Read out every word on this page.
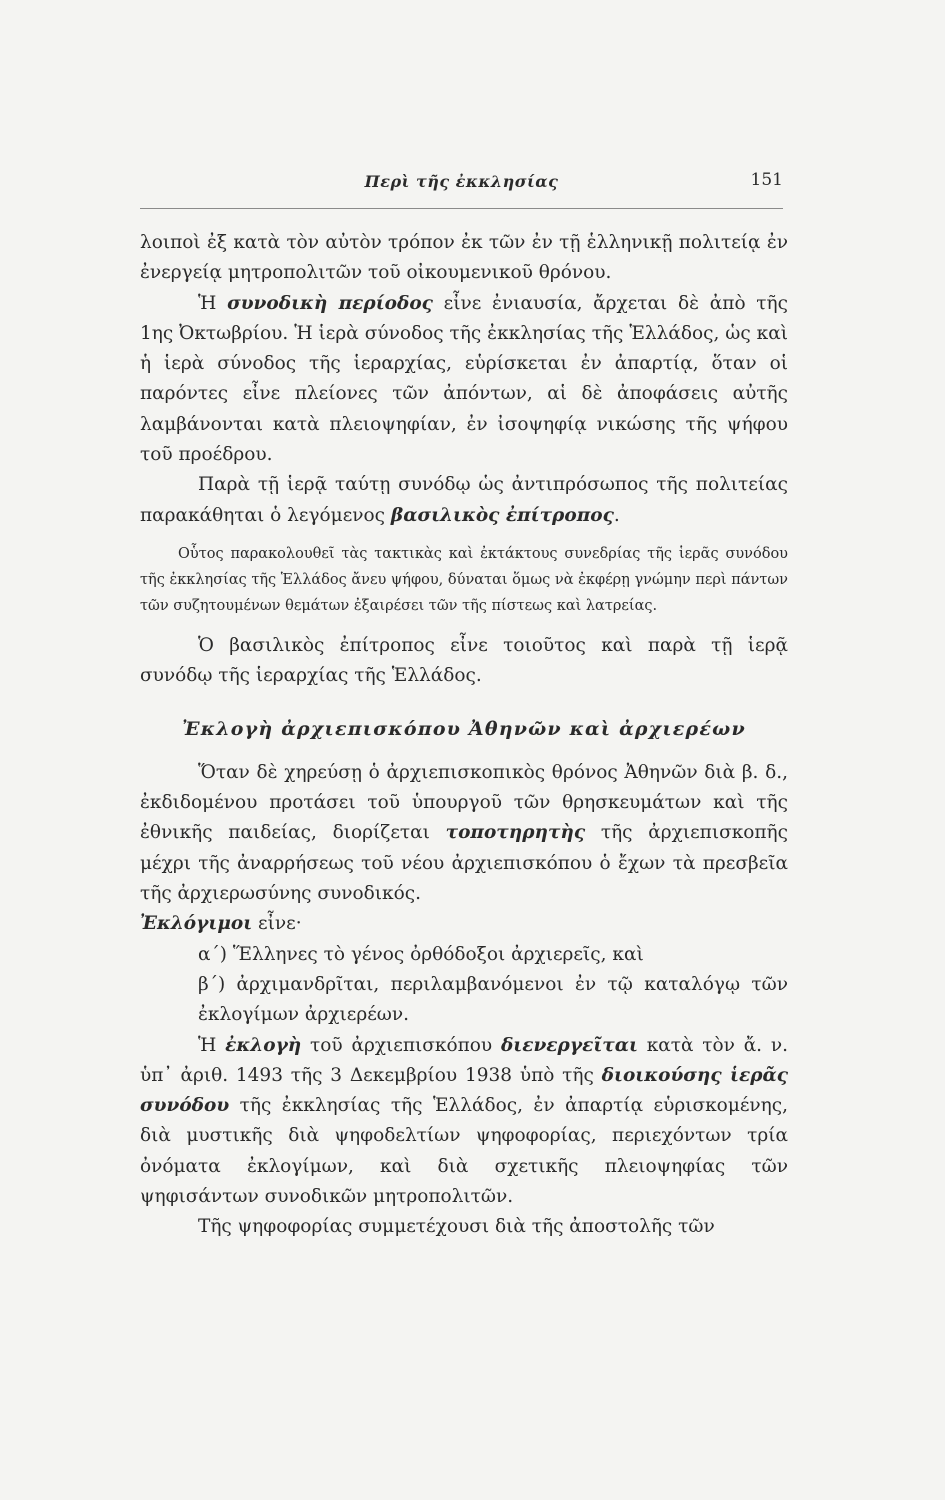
Περὶ τῆς ἐκκλησίας	151

λοιποὶ ἐξ κατὰ τὸν αὐτὸν τρόπον ἐκ τῶν ἐν τῇ ἑλληνικῇ πολιτείᾳ ἐν ἐνεργείᾳ μητροπολιτῶν τοῦ οἰκουμενικοῦ θρόνου.

Ἡ συνοδικὴ περίοδος εἶνε ἐνιαυσία, ἄρχεται δὲ ἀπὸ τῆς 1ης Ὀκτωβρίου. Ἡ ἱερὰ σύνοδος τῆς ἐκκλησίας τῆς Ἑλλάδος, ὡς καὶ ἡ ἱερὰ σύνοδος τῆς ἱεραρχίας, εὑρίσκεται ἐν ἀπαρτίᾳ, ὅταν οἱ παρόντες εἶνε πλείονες τῶν ἀπόντων, αἱ δὲ ἀποφάσεις αὐτῆς λαμβάνονται κατὰ πλειοψηφίαν, ἐν ἰσοψηφίᾳ νικώσης τῆς ψήφου τοῦ προέδρου.

Παρὰ τῇ ἱερᾷ ταύτῃ συνόδῳ ὡς ἀντιπρόσωπος τῆς πολιτείας παρακάθηται ὁ λεγόμενος βασιλικὸς ἐπίτροπος.

Οὗτος παρακολουθεῖ τὰς τακτικὰς καὶ ἐκτάκτους συνεδρίας τῆς ἱερᾶς συνόδου τῆς ἐκκλησίας τῆς Ἑλλάδος ἄνευ ψήφου, δύναται ὅμως νὰ ἐκφέρῃ γνώμην περὶ πάντων τῶν συζητουμένων θεμάτων ἐξαιρέσει τῶν τῆς πίστεως καὶ λατρείας.

Ὁ βασιλικὸς ἐπίτροπος εἶνε τοιοῦτος καὶ παρὰ τῇ ἱερᾷ συνόδῳ τῆς ἱεραρχίας τῆς Ἑλλάδος.

Ἐκλογὴ ἀρχιεπισκόπου Ἀθηνῶν καὶ ἀρχιερέων

Ὅταν δὲ χηρεύσῃ ὁ ἀρχιεπισκοπικὸς θρόνος Ἀθηνῶν διὰ β. δ., ἐκδιδομένου προτάσει τοῦ ὑπουργοῦ τῶν θρησκευμάτων καὶ τῆς ἐθνικῆς παιδείας, διορίζεται τοποτηρητὴς τῆς ἀρχιεπισκοπῆς μέχρι τῆς ἀναρρήσεως τοῦ νέου ἀρχιεπισκόπου ὁ ἔχων τὰ πρεσβεῖα τῆς ἀρχιερωσύνης συνοδικός.

Ἐκλόγιμοι εἶνε·

α΄) Ἕλληνες τὸ γένος ὀρθόδοξοι ἀρχιερεῖς, καὶ

β΄) ἀρχιμανδρῖται, περιλαμβανόμενοι ἐν τῷ καταλόγῳ τῶν ἐκλογίμων ἀρχιερέων.

Ἡ ἐκλογὴ τοῦ ἀρχιεπισκόπου διενεργεῖται κατὰ τὸν ἄ. ν. ὑπ᾽ ἀριθ. 1493 τῆς 3 Δεκεμβρίου 1938 ὑπὸ τῆς διοικούσης ἱερᾶς συνόδου τῆς ἐκκλησίας τῆς Ἑλλάδος, ἐν ἀπαρτίᾳ εὑρισκομένης, διὰ μυστικῆς διὰ ψηφοδελτίων ψηφοφορίας, περιεχόντων τρία ὀνόματα ἐκλογίμων, καὶ διὰ σχετικῆς πλειοψηφίας τῶν ψηφισάντων συνοδικῶν μητροπολιτῶν.

Τῆς ψηφοφορίας συμμετέχουσι διὰ τῆς ἀποστολῆς τῶν
